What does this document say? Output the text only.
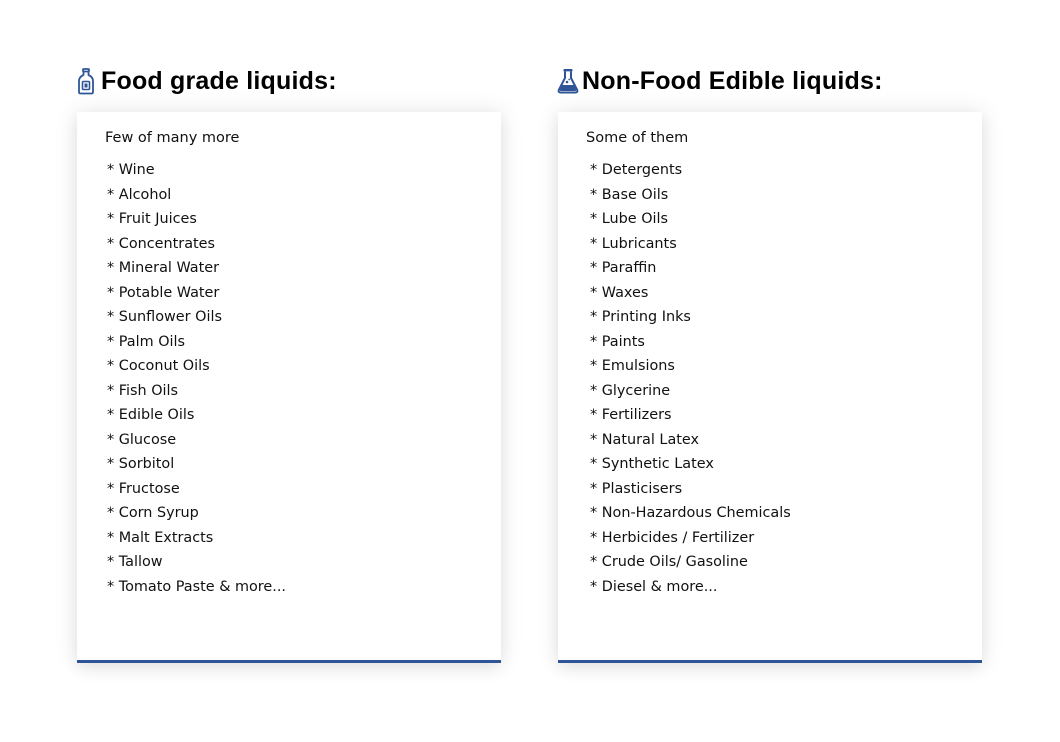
Food grade liquids:
Few of many more
* Wine
* Alcohol
* Fruit Juices
* Concentrates
* Mineral Water
* Potable Water
* Sunflower Oils
* Palm Oils
* Coconut Oils
* Fish Oils
* Edible Oils
* Glucose
* Sorbitol
* Fructose
* Corn Syrup
* Malt Extracts
* Tallow
* Tomato Paste & more...
Non-Food Edible liquids:
Some of them
* Detergents
* Base Oils
* Lube Oils
* Lubricants
* Paraffin
* Waxes
* Printing Inks
* Paints
* Emulsions
* Glycerine
* Fertilizers
* Natural Latex
* Synthetic Latex
* Plasticisers
* Non-Hazardous Chemicals
* Herbicides / Fertilizer
* Crude Oils/ Gasoline
* Diesel & more...
